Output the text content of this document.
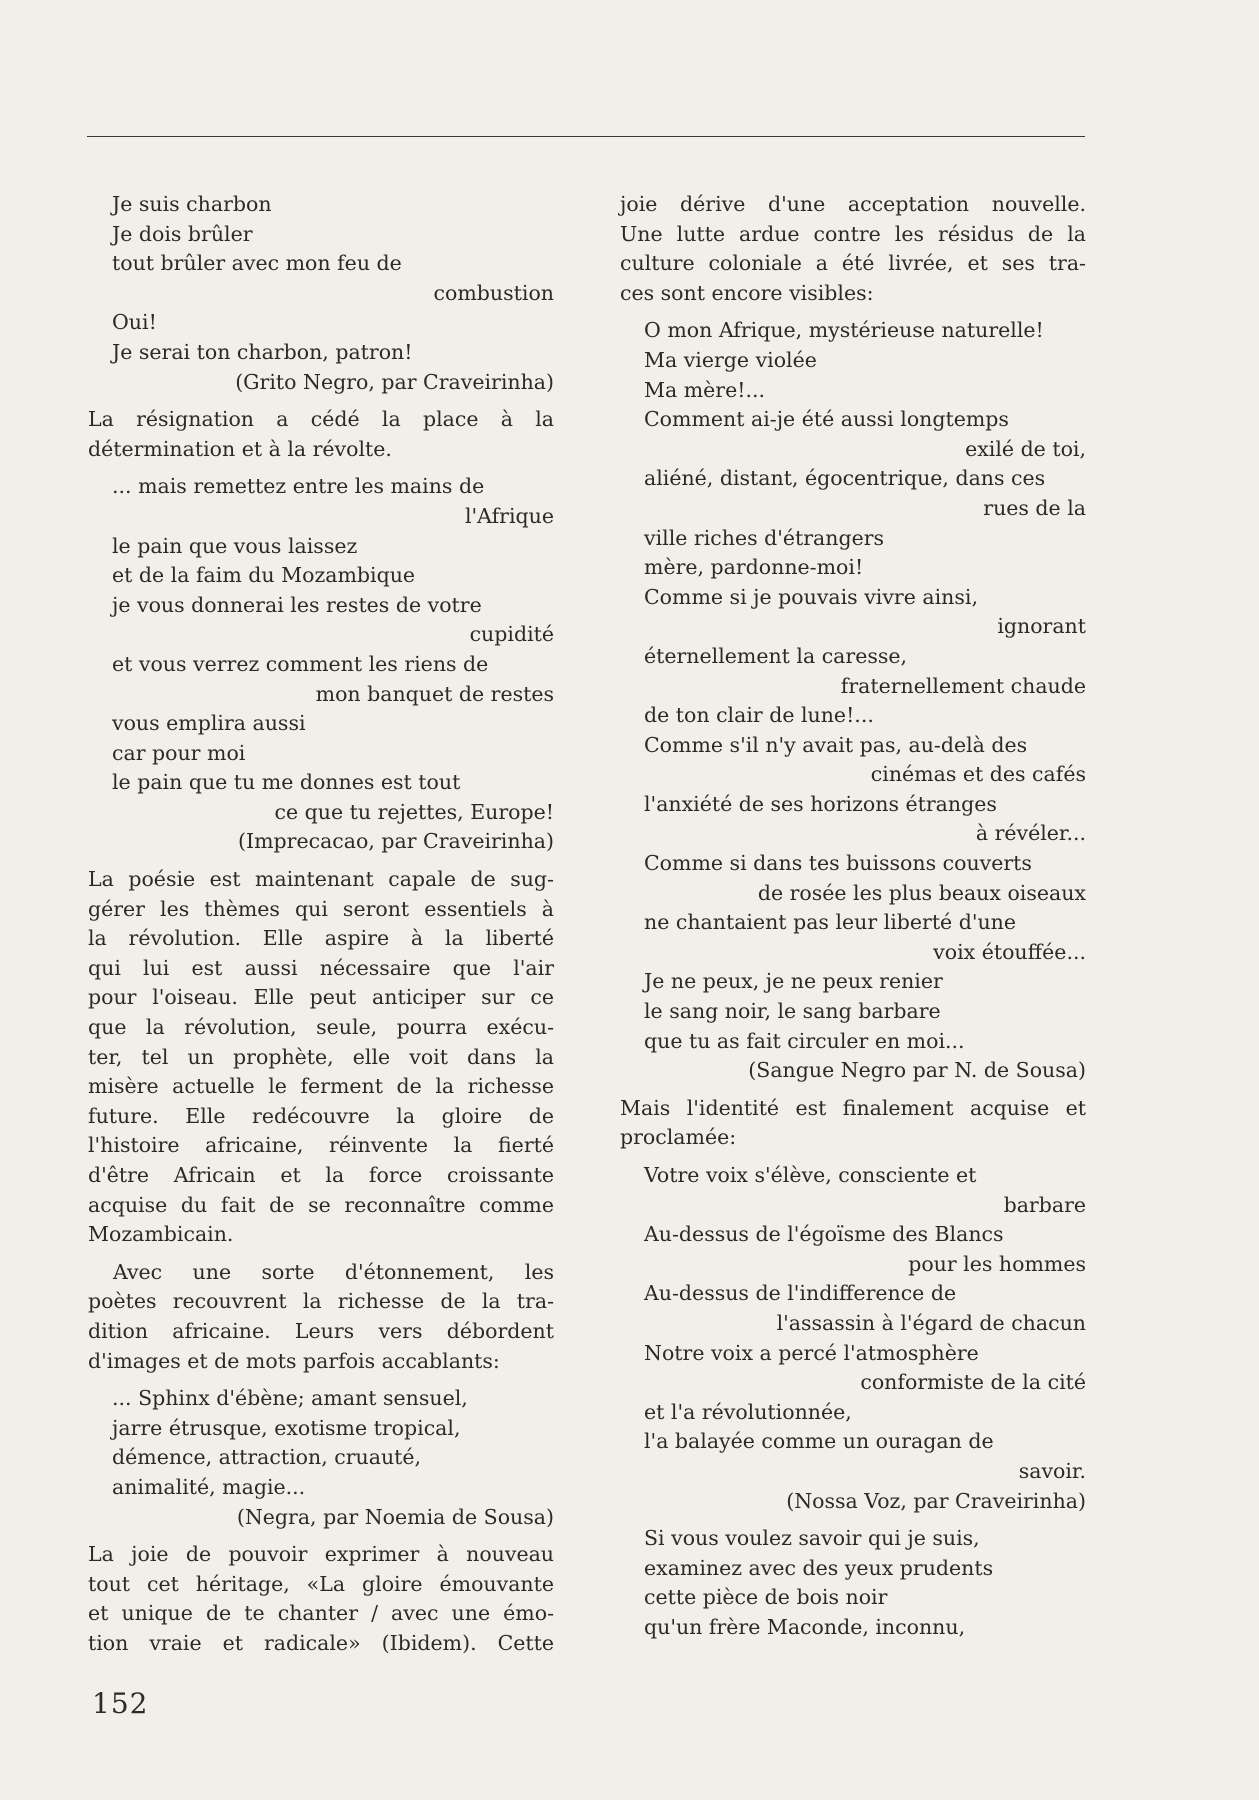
Je suis charbon
Je dois brûler
tout brûler avec mon feu de
combustion
Oui!
Je serai ton charbon, patron!
(Grito Negro, par Craveirinha)
La résignation a cédé la place à la
détermination et à la révolte.
... mais remettez entre les mains de
l'Afrique
le pain que vous laissez
et de la faim du Mozambique
je vous donnerai les restes de votre
cupidité
et vous verrez comment les riens de
mon banquet de restes
vous emplira aussi
car pour moi
le pain que tu me donnes est tout
ce que tu rejettes, Europe!
(Imprecacao, par Craveirinha)
La poésie est maintenant capale de sug-
gérer les thèmes qui seront essentiels à
la révolution. Elle aspire à la liberté
qui lui est aussi nécessaire que l'air
pour l'oiseau. Elle peut anticiper sur ce
que la révolution, seule, pourra exécu-
ter, tel un prophète, elle voit dans la
misère actuelle le ferment de la richesse
future. Elle redécouvre la gloire de
l'histoire africaine, réinvente la fierté
d'être Africain et la force croissante
acquise du fait de se reconnaître comme
Mozambicain.
Avec une sorte d'étonnement, les
poètes recouvrent la richesse de la tra-
dition africaine. Leurs vers débordent
d'images et de mots parfois accablants:
... Sphinx d'ébène; amant sensuel,
jarre étrusque, exotisme tropical,
démence, attraction, cruauté,
animalité, magie...
(Negra, par Noemia de Sousa)
La joie de pouvoir exprimer à nouveau
tout cet héritage, «La gloire émouvante
et unique de te chanter / avec une émo-
tion vraie et radicale» (Ibidem). Cette
joie dérive d'une acceptation nouvelle.
Une lutte ardue contre les résidus de la
culture coloniale a été livrée, et ses tra-
ces sont encore visibles:
O mon Afrique, mystérieuse naturelle!
Ma vierge violée
Ma mère!...
Comment ai-je été aussi longtemps
exilé de toi,
aliéné, distant, égocentrique, dans ces
rues de la
ville riches d'étrangers
mère, pardonne-moi!
Comme si je pouvais vivre ainsi,
ignorant
éternellement la caresse,
fraternellement chaude
de ton clair de lune!...
Comme s'il n'y avait pas, au-delà des
cinémas et des cafés
l'anxiété de ses horizons étranges
à révéler...
Comme si dans tes buissons couverts
de rosée les plus beaux oiseaux
ne chantaient pas leur liberté d'une
voix étouffée...
Je ne peux, je ne peux renier
le sang noir, le sang barbare
que tu as fait circuler en moi...
(Sangue Negro par N. de Sousa)
Mais l'identité est finalement acquise et
proclamée:
Votre voix s'élève, consciente et
barbare
Au-dessus de l'égoïsme des Blancs
pour les hommes
Au-dessus de l'indifference de
l'assassin à l'égard de chacun
Notre voix a percé l'atmosphère
conformiste de la cité
et l'a révolutionnée,
l'a balayée comme un ouragan de
savoir.
(Nossa Voz, par Craveirinha)
Si vous voulez savoir qui je suis,
examinez avec des yeux prudents
cette pièce de bois noir
qu'un frère Maconde, inconnu,
152
